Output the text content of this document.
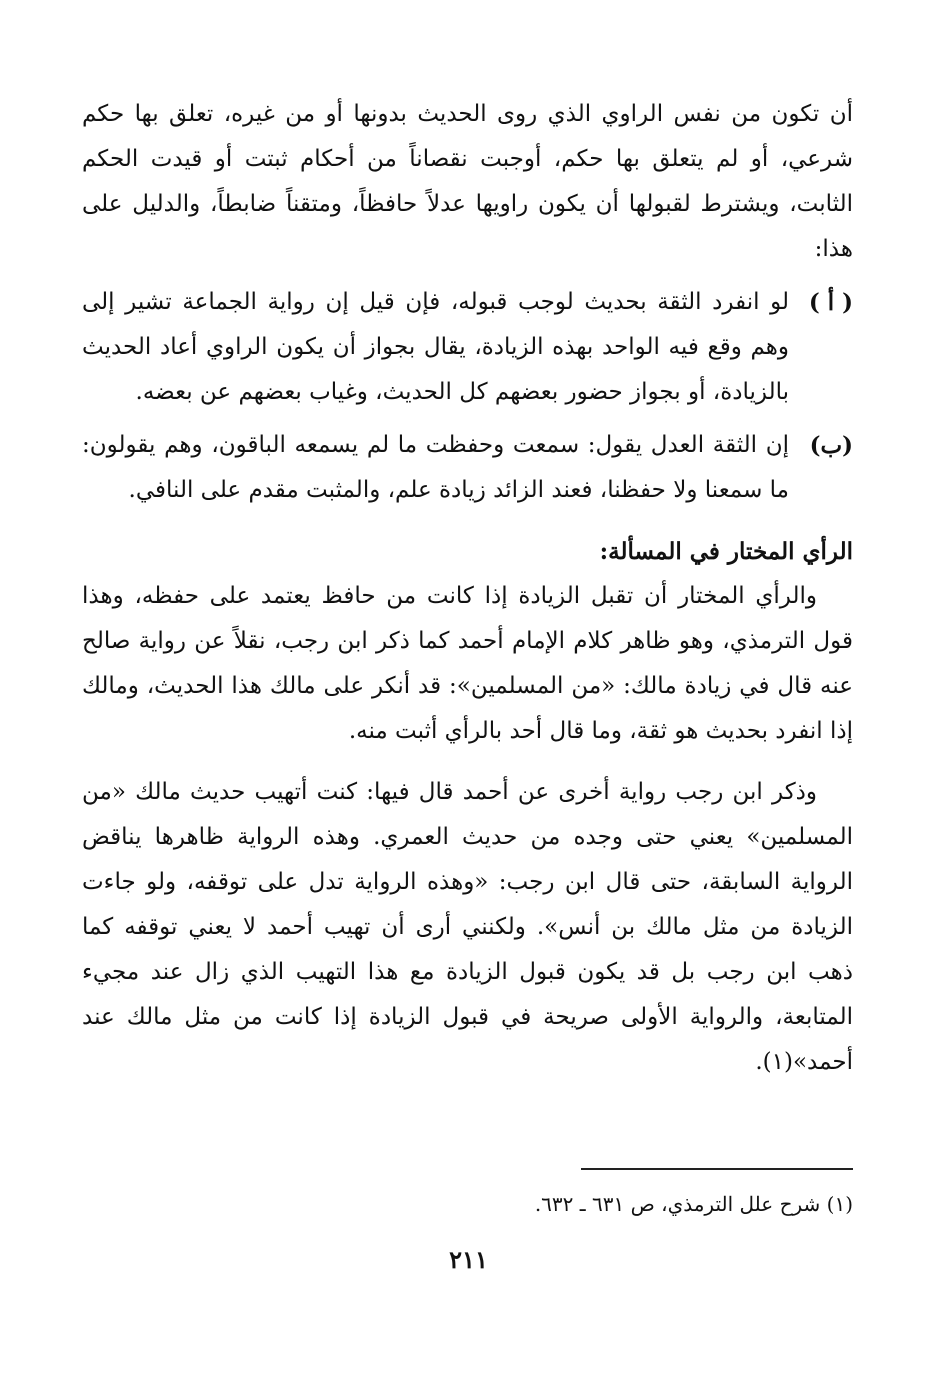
أن تكون من نفس الراوي الذي روى الحديث بدونها أو من غيره، تعلق بها حكم شرعي، أو لم يتعلق بها حكم، أوجبت نقصاناً من أحكام ثبتت أو قيدت الحكم الثابت، ويشترط لقبولها أن يكون راويها عدلاً حافظاً، ومتقناً ضابطاً، والدليل على هذا:

( أ )
لو انفرد الثقة بحديث لوجب قبوله، فإن قيل إن رواية الجماعة تشير إلى وهم وقع فيه الواحد بهذه الزيادة، يقال بجواز أن يكون الراوي أعاد الحديث بالزيادة، أو بجواز حضور بعضهم كل الحديث، وغياب بعضهم عن بعضه.
(ب)
إن الثقة العدل يقول: سمعت وحفظت ما لم يسمعه الباقون، وهم يقولون: ما سمعنا ولا حفظنا، فعند الزائد زيادة علم، والمثبت مقدم على النافي.

الرأي المختار في المسألة:

والرأي المختار أن تقبل الزيادة إذا كانت من حافظ يعتمد على حفظه، وهذا قول الترمذي، وهو ظاهر كلام الإمام أحمد كما ذكر ابن رجب، نقلاً عن رواية صالح عنه قال في زيادة مالك: «من المسلمين»: قد أنكر على مالك هذا الحديث، ومالك إذا انفرد بحديث هو ثقة، وما قال أحد بالرأي أثبت منه.

وذكر ابن رجب رواية أخرى عن أحمد قال فيها: كنت أتهيب حديث مالك «من المسلمين» يعني حتى وجده من حديث العمري. وهذه الرواية ظاهرها يناقض الرواية السابقة، حتى قال ابن رجب: «وهذه الرواية تدل على توقفه، ولو جاءت الزيادة من مثل مالك بن أنس». ولكنني أرى أن تهيب أحمد لا يعني توقفه كما ذهب ابن رجب بل قد يكون قبول الزيادة مع هذا التهيب الذي زال عند مجيء المتابعة، والرواية الأولى صريحة في قبول الزيادة إذا كانت من مثل مالك عند أحمد»(١).

(١) شرح علل الترمذي، ص ٦٣١ ـ ٦٣٢.
٢١١
